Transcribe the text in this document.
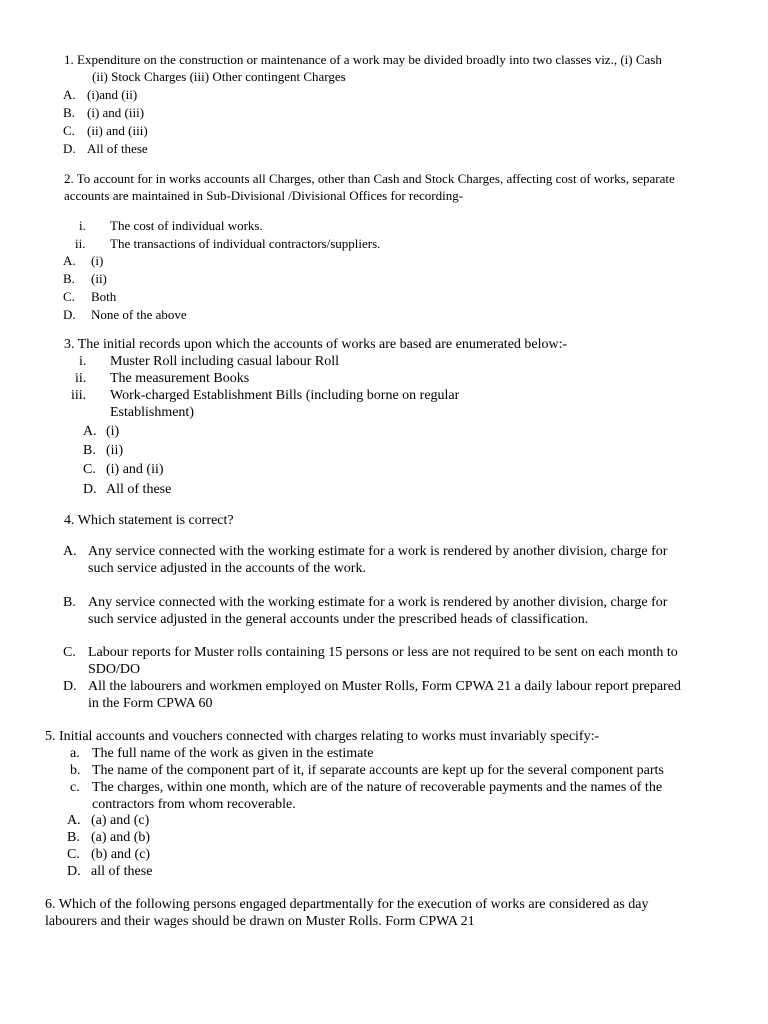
1. Expenditure on the construction or maintenance of a work may be divided broadly into two classes viz., (i) Cash
(ii) Stock Charges (iii) Other contingent Charges
A. (i)and (ii)
B. (i) and (iii)
C. (ii) and (iii)
D. All of these
2. To account for in works accounts all Charges, other than Cash and Stock Charges, affecting cost of works, separate
accounts are maintained in Sub-Divisional /Divisional Offices for recording-
i. The cost of individual works.
ii. The transactions of individual contractors/suppliers.
A. (i)
B. (ii)
C. Both
D. None of the above
3. The initial records upon which the accounts of works are based are enumerated below:-
i. Muster Roll including casual labour Roll
ii. The measurement Books
iii. Work-charged Establishment Bills (including borne on regular
Establishment)
A. (i)
B. (ii)
C. (i) and (ii)
D. All of these
4. Which statement is correct?
A. Any service connected with the working estimate for a work is rendered by another division, charge for
such service adjusted in the accounts of the work.
B. Any service connected with the working estimate for a work is rendered by another division, charge for
such service adjusted in the general accounts under the prescribed heads of classification.
C. Labour reports for Muster rolls containing 15 persons or less are not required to be sent on each month to
SDO/DO
D. All the labourers and workmen employed on Muster Rolls, Form CPWA 21 a daily labour report prepared
in the Form CPWA 60
5. Initial accounts and vouchers connected with charges relating to works must invariably specify:-
a. The full name of the work as given in the estimate
b. The name of the component part of it, if separate accounts are kept up for the several component parts
c. The charges, within one month, which are of the nature of recoverable payments and the names of the
contractors from whom recoverable.
A. (a) and (c)
B. (a) and (b)
C. (b) and (c)
D. all of these
6. Which of the following persons engaged departmentally for the execution of works are considered as day
labourers and their wages should be drawn on Muster Rolls. Form CPWA 21
